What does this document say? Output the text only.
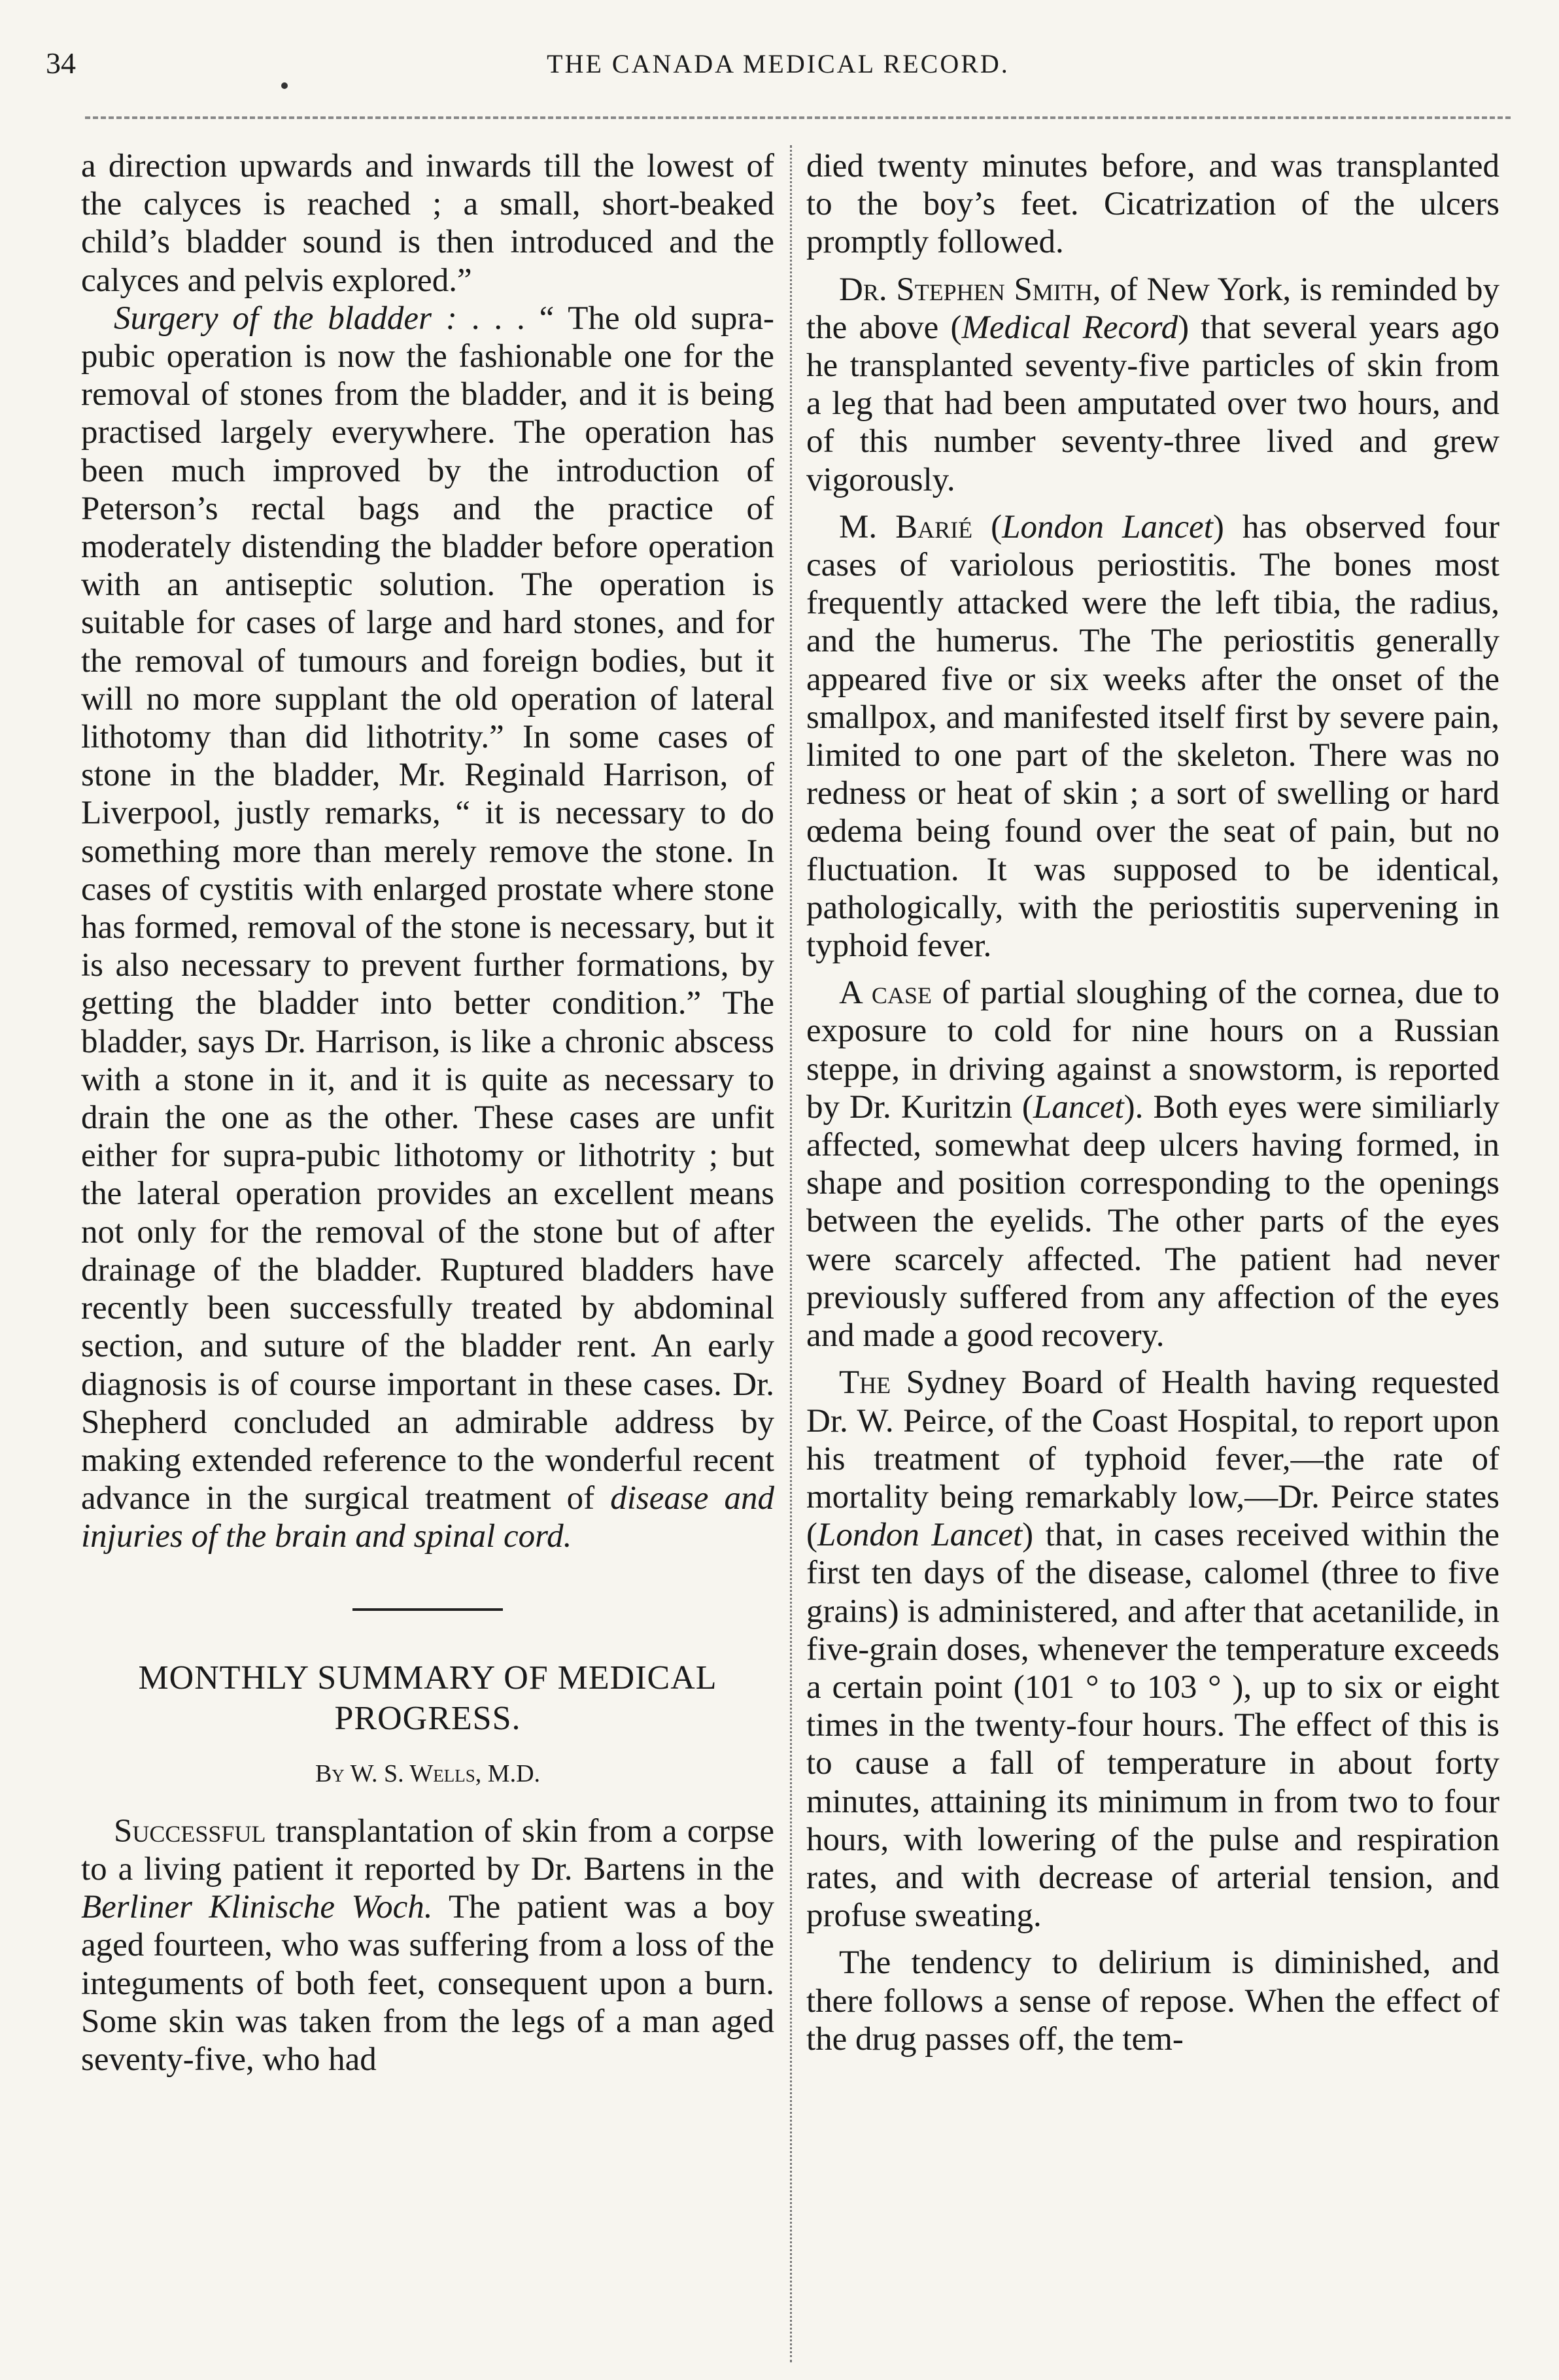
34	THE CANADA MEDICAL RECORD.

a direction upwards and inwards till the lowest of the calyces is reached ; a small, short-beaked child’s bladder sound is then introduced and the calyces and pelvis explored.”

Surgery of the bladder : . . . “ The old supra-pubic operation is now the fashionable one for the removal of stones from the bladder, and it is being practised largely everywhere. The operation has been much improved by the introduction of Peterson’s rectal bags and the practice of moderately distending the bladder before operation with an antiseptic solution. The operation is suitable for cases of large and hard stones, and for the removal of tumours and foreign bodies, but it will no more supplant the old operation of lateral lithotomy than did lithotrity.” In some cases of stone in the bladder, Mr. Reginald Harrison, of Liverpool, justly remarks, “ it is necessary to do something more than merely remove the stone. In cases of cystitis with enlarged prostate where stone has formed, removal of the stone is necessary, but it is also necessary to prevent further formations, by getting the bladder into better condition.” The bladder, says Dr. Harrison, is like a chronic abscess with a stone in it, and it is quite as necessary to drain the one as the other. These cases are unfit either for supra-pubic lithotomy or lithotrity ; but the lateral operation provides an excellent means not only for the removal of the stone but of after drainage of the bladder. Ruptured bladders have recently been successfully treated by abdominal section, and suture of the bladder rent. An early diagnosis is of course important in these cases. Dr. Shepherd concluded an admirable address by making extended reference to the wonderful recent advance in the surgical treatment of disease and injuries of the brain and spinal cord.

MONTHLY SUMMARY OF MEDICAL
PROGRESS.
By W. S. Wells, M.D.

Successful transplantation of skin from a corpse to a living patient it reported by Dr. Bartens in the Berliner Klinische Woch. The patient was a boy aged fourteen, who was suffering from a loss of the integuments of both feet, consequent upon a burn. Some skin was taken from the legs of a man aged seventy-five, who had

died twenty minutes before, and was transplanted to the boy’s feet. Cicatrization of the ulcers promptly followed.

Dr. Stephen Smith, of New York, is reminded by the above (Medical Record) that several years ago he transplanted seventy-five particles of skin from a leg that had been amputated over two hours, and of this number seventy-three lived and grew vigorously.

M. Barié (London Lancet) has observed four cases of variolous periostitis. The bones most frequently attacked were the left tibia, the radius, and the humerus. The The periostitis generally appeared five or six weeks after the onset of the smallpox, and manifested itself first by severe pain, limited to one part of the skeleton. There was no redness or heat of skin ; a sort of swelling or hard œdema being found over the seat of pain, but no fluctuation. It was supposed to be identical, pathologically, with the periostitis supervening in typhoid fever.

A case of partial sloughing of the cornea, due to exposure to cold for nine hours on a Russian steppe, in driving against a snowstorm, is reported by Dr. Kuritzin (Lancet). Both eyes were similiarly affected, somewhat deep ulcers having formed, in shape and position corresponding to the openings between the eyelids. The other parts of the eyes were scarcely affected. The patient had never previously suffered from any affection of the eyes and made a good recovery.

The Sydney Board of Health having requested Dr. W. Peirce, of the Coast Hospital, to report upon his treatment of typhoid fever,—the rate of mortality being remarkably low,—Dr. Peirce states (London Lancet) that, in cases received within the first ten days of the disease, calomel (three to five grains) is administered, and after that acetanilide, in five-grain doses, whenever the temperature exceeds a certain point (101 ° to 103 ° ), up to six or eight times in the twenty-four hours. The effect of this is to cause a fall of temperature in about forty minutes, attaining its minimum in from two to four hours, with lowering of the pulse and respiration rates, and with decrease of arterial tension, and profuse sweating.

The tendency to delirium is diminished, and there follows a sense of repose. When the effect of the drug passes off, the tem-
